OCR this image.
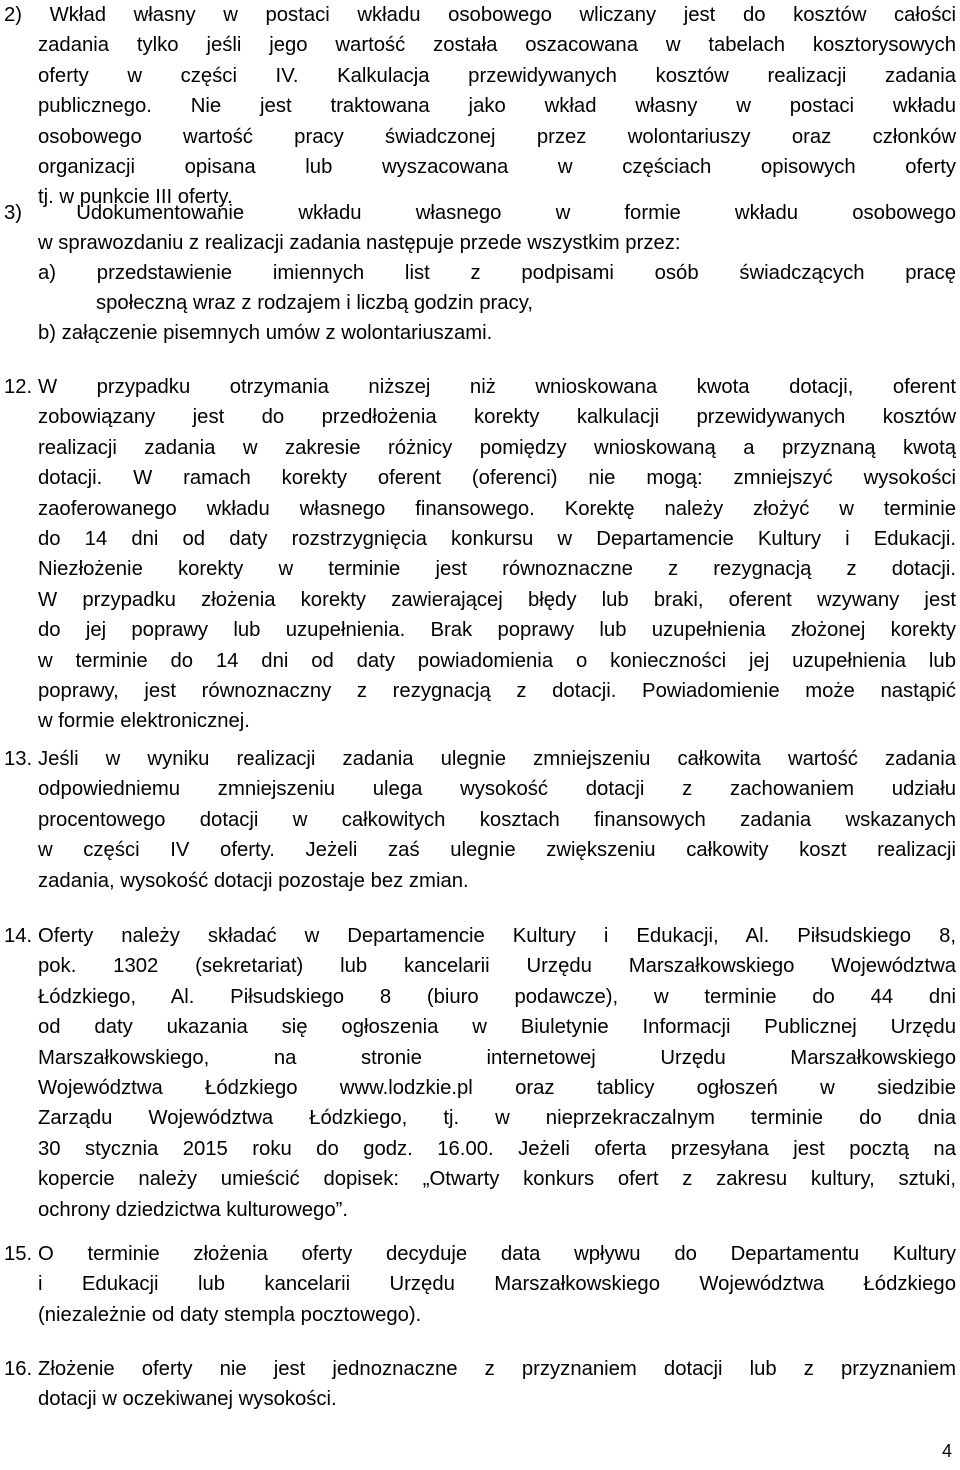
4
2) Wkład własny w postaci wkładu osobowego wliczany jest do kosztów całości
zadania tylko jeśli jego wartość została oszacowana w tabelach kosztorysowych
oferty w części IV. Kalkulacja przewidywanych kosztów realizacji zadania
publicznego. Nie jest traktowana jako wkład własny w postaci wkładu
osobowego wartość pracy świadczonej przez wolontariuszy oraz członków
organizacji opisana lub wyszacowana w częściach opisowych oferty
tj. w punkcie III oferty.
3) Udokumentowanie wkładu własnego w formie wkładu osobowego
w sprawozdaniu z realizacji zadania następuje przede wszystkim przez:
a) przedstawienie imiennych list z podpisami osób świadczących pracę
społeczną wraz z rodzajem i liczbą godzin pracy,
b) załączenie pisemnych umów z wolontariuszami.
12. W przypadku otrzymania niższej niż wnioskowana kwota dotacji, oferent
zobowiązany jest do przedłożenia korekty kalkulacji przewidywanych kosztów
realizacji zadania w zakresie różnicy pomiędzy wnioskowaną a przyznaną kwotą
dotacji. W ramach korekty oferent (oferenci) nie mogą: zmniejszyć wysokości
zaoferowanego wkładu własnego finansowego. Korektę należy złożyć w terminie
do 14 dni od daty rozstrzygnięcia konkursu w Departamencie Kultury i Edukacji.
Niezłożenie korekty w terminie jest równoznaczne z rezygnacją z dotacji.
W przypadku złożenia korekty zawierającej błędy lub braki, oferent wzywany jest
do jej poprawy lub uzupełnienia. Brak poprawy lub uzupełnienia złożonej korekty
w terminie do 14 dni od daty powiadomienia o konieczności jej uzupełnienia lub
poprawy, jest równoznaczny z rezygnacją z dotacji. Powiadomienie może nastąpić
w formie elektronicznej.
13. Jeśli w wyniku realizacji zadania ulegnie zmniejszeniu całkowita wartość zadania
odpowiedniemu zmniejszeniu ulega wysokość dotacji z zachowaniem udziału
procentowego dotacji w całkowitych kosztach finansowych zadania wskazanych
w części IV oferty. Jeżeli zaś ulegnie zwiększeniu całkowity koszt realizacji
zadania, wysokość dotacji pozostaje bez zmian.
14. Oferty należy składać w Departamencie Kultury i Edukacji, Al. Piłsudskiego 8,
pok. 1302 (sekretariat) lub kancelarii Urzędu Marszałkowskiego Województwa
Łódzkiego, Al. Piłsudskiego 8 (biuro podawcze), w terminie do 44 dni
od daty ukazania się ogłoszenia w Biuletynie Informacji Publicznej Urzędu
Marszałkowskiego, na stronie internetowej Urzędu Marszałkowskiego
Województwa Łódzkiego www.lodzkie.pl oraz tablicy ogłoszeń w siedzibie
Zarządu Województwa Łódzkiego, tj. w nieprzekraczalnym terminie do dnia
30 stycznia 2015 roku do godz. 16.00. Jeżeli oferta przesyłana jest pocztą na
kopercie należy umieścić dopisek: „Otwarty konkurs ofert z zakresu kultury, sztuki,
ochrony dziedzictwa kulturowego”.
15. O terminie złożenia oferty decyduje data wpływu do Departamentu Kultury
i Edukacji lub kancelarii Urzędu Marszałkowskiego Województwa Łódzkiego
(niezależnie od daty stempla pocztowego).
16. Złożenie oferty nie jest jednoznaczne z przyznaniem dotacji lub z przyznaniem
dotacji w oczekiwanej wysokości.
